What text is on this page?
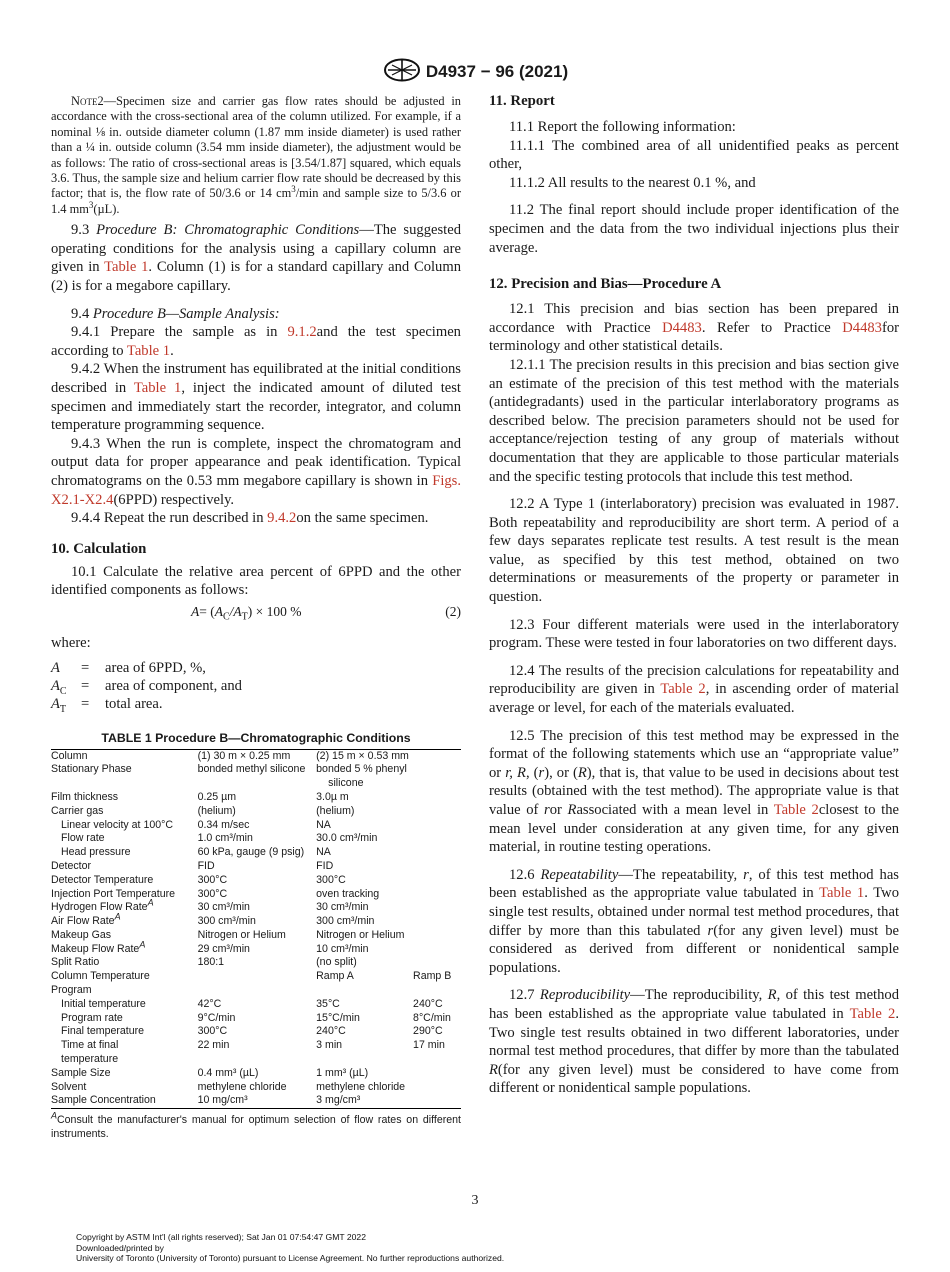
D4937 − 96 (2021)

Note2—Specimen size and carrier gas flow rates should be adjusted in accordance with the cross-sectional area of the column utilized. For example, if a nominal ⅛ in. outside diameter column (1.87 mm inside diameter) is used rather than a ¼ in. outside column (3.54 mm inside diameter), the adjustment would be as follows: The ratio of cross-sectional areas is [3.54/1.87] squared, which equals 3.6. Thus, the sample size and helium carrier flow rate should be decreased by this factor; that is, the flow rate of 50/3.6 or 14 $cm^3/\min$ and sample size to 5/3.6 or 1.4 $mm^3(\mu L)$.

9.3 Procedure B: Chromatographic Conditions—The suggested operating conditions for the analysis using a capillary column are given in Table 1. Column (1) is for a standard capillary and Column (2) is for a megabore capillary.

9.4 Procedure B—Sample Analysis:

9.4.1 Prepare the sample as in 9.1.2and the test specimen according to Table 1.

9.4.2 When the instrument has equilibrated at the initial conditions described in Table 1, inject the indicated amount of diluted test specimen and immediately start the recorder, integrator, and column temperature programming sequence.

9.4.3 When the run is complete, inspect the chromatogram and output data for proper appearance and peak identification. Typical chromatograms on the 0.53 mm megabore capillary is shown in Figs. X2.1-X2.4(6PPD) respectively.

9.4.4 Repeat the run described in 9.4.2on the same specimen.

10. Calculation

10.1 Calculate the relative area percent of 6PPD and the other identified components as follows:

$A= (A_C/A_T) \times 100$ %	(2)

where:

A	=	area of 6PPD, %,
$A_C$ =	area of component, and
$A_T$	=	total area.
TABLE 1 Procedure B—Chromatographic Conditions
Column	(1) 30 m × 0.25 mm	(2) 15 m × 0.53 mm	
Stationary Phase	bonded methyl silicone	bonded 5 % phenyl	
		silicone	
Film thickness	0.25 µm	3.0µ m	
Carrier gas	(helium)	(helium)	
Linear velocity at 100°C	0.34 m/sec	NA	
Flow rate	1.0 cm³/min	30.0 cm³/min	
Head pressure	60 kPa, gauge (9 psig)	NA	
Detector	FID	FID	
Detector Temperature	300°C	300°C	
Injection Port Temperature	300°C	oven tracking	
Hydrogen Flow Rate$^A$	30 cm³/min	30 cm³/min	
Air Flow Rate$^A$	300 cm³/min	300 cm³/min	
Makeup Gas	Nitrogen or Helium	Nitrogen or Helium	
Makeup Flow Rate$^A$	29 cm³/min	10 cm³/min	
Split Ratio	180:1	(no split)	
Column Temperature		Ramp A	Ramp B
Program			
Initial temperature	42°C	35°C	240°C
Program rate	9°C/min	15°C/min	8°C/min
Final temperature	300°C	240°C	290°C
Time at final	22 min	3 min	17 min
temperature			
Sample Size	0.4 mm³ (µL)	1 mm³ (µL)	
Solvent	methylene chloride	methylene chloride	
Sample Concentration	10 mg/cm³	3 mg/cm³	
$^A$Consult the manufacturer's manual for optimum selection of flow rates on different instruments.
11. Report

11.1 Report the following information:

11.1.1 The combined area of all unidentified peaks as percent other,

11.1.2 All results to the nearest 0.1 %, and

11.2 The final report should include proper identification of the specimen and the data from the two individual injections plus their average.

12. Precision and Bias—Procedure A

12.1 This precision and bias section has been prepared in accordance with Practice D4483. Refer to Practice D4483for terminology and other statistical details.

12.1.1 The precision results in this precision and bias section give an estimate of the precision of this test method with the materials (antidegradants) used in the particular interlaboratory programs as described below. The precision parameters should not be used for acceptance/rejection testing of any group of materials without documentation that they are applicable to those particular materials and the specific testing protocols that include this test method.

12.2 A Type 1 (interlaboratory) precision was evaluated in 1987. Both repeatability and reproducibility are short term. A period of a few days separates replicate test results. A test result is the mean value, as specified by this test method, obtained on two determinations or measurements of the property or parameter in question.

12.3 Four different materials were used in the interlaboratory program. These were tested in four laboratories on two different days.

12.4 The results of the precision calculations for repeatability and reproducibility are given in Table 2, in ascending order of material average or level, for each of the materials evaluated.

12.5 The precision of this test method may be expressed in the format of the following statements which use an “appropriate value” or r, R, (r), or (R), that is, that value to be used in decisions about test results (obtained with the test method). The appropriate value is that value of ror Rassociated with a mean level in Table 2closest to the mean level under consideration at any given time, for any given material, in routine testing operations.

12.6 Repeatability—The repeatability, r, of this test method has been established as the appropriate value tabulated in Table 1. Two single test results, obtained under normal test method procedures, that differ by more than this tabulated r(for any given level) must be considered as derived from different or nonidentical sample populations.

12.7 Reproducibility—The reproducibility, R, of this test method has been established as the appropriate value tabulated in Table 2. Two single test results obtained in two different laboratories, under normal test method procedures, that differ by more than the tabulated R(for any given level) must be considered to have come from different or nonidentical sample populations.

3
Copyright by ASTM Int'l (all rights reserved); Sat Jan 01 07:54:47 GMT 2022
Downloaded/printed by
University of Toronto (University of Toronto) pursuant to License Agreement. No further reproductions authorized.
